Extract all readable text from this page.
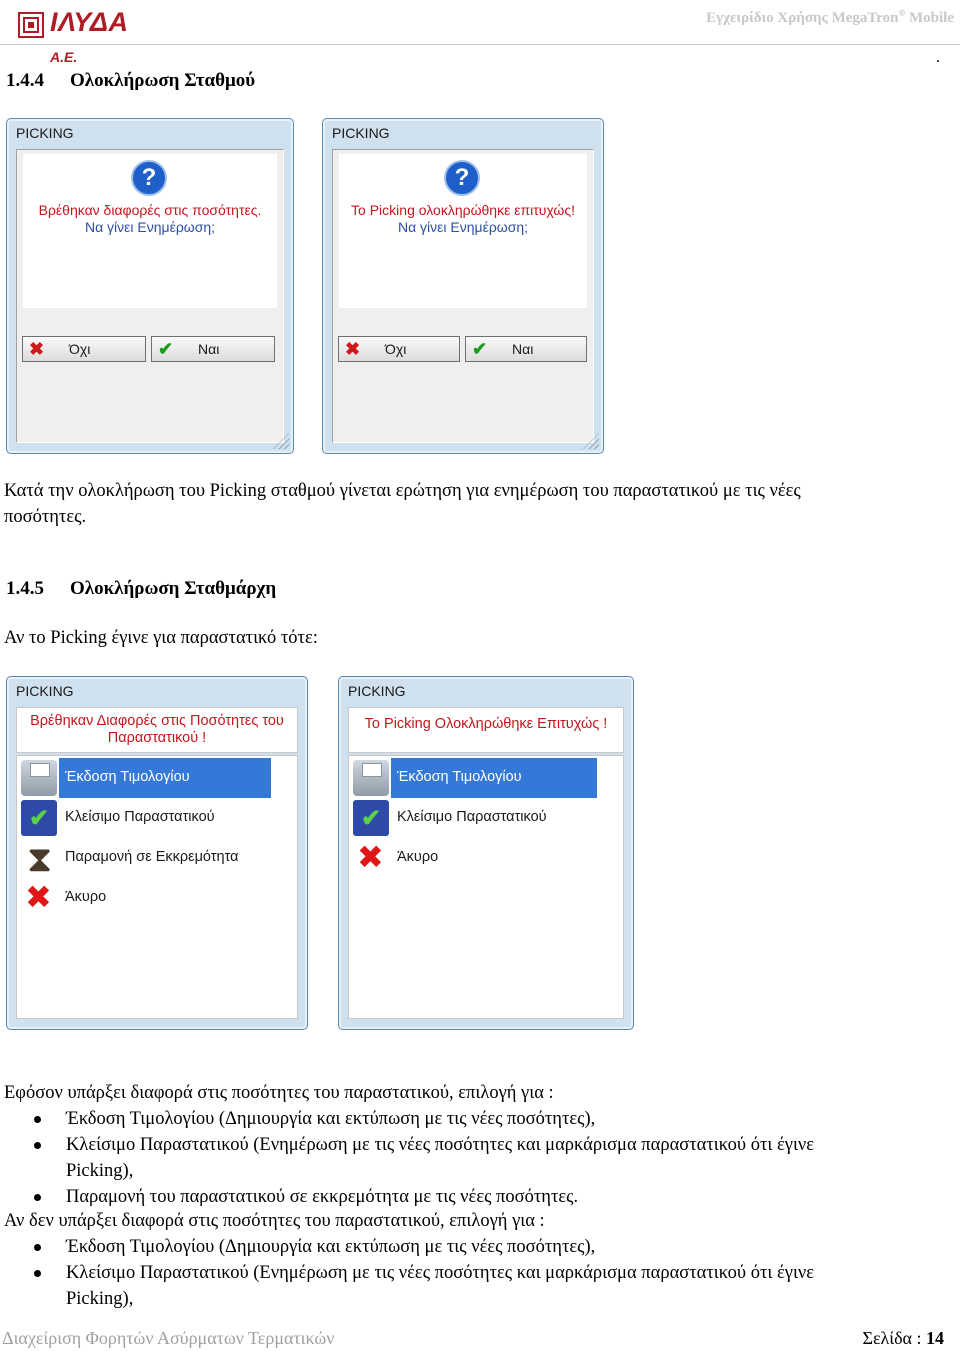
ΙΛΥΔΑ Α.Ε.
Εγχειρίδιο Χρήσης MegaTron® Mobile
.
1.4.4 Ολοκλήρωση Σταθμού
PICKING
?
Βρέθηκαν διαφορές στις ποσότητες.
Να γίνει Ενημέρωση;
✖ Όχι	✔ Ναι
PICKING
?
Το Picking ολοκληρώθηκε επιτυχώς!
Να γίνει Ενημέρωση;
✖ Όχι	✔ Ναι

Κατά την ολοκλήρωση του Picking σταθμού γίνεται ερώτηση για ενημέρωση του παραστατικού με τις νέες ποσότητες.

1.4.5 Ολοκλήρωση Σταθμάρχη

Αν το Picking έγινε για παραστατικό τότε:

PICKING
Βρέθηκαν Διαφορές στις Ποσότητες του
Παραστατικού !
Έκδοση Τιμολογίου
✔
Κλείσιμο Παραστατικού
⧗
Παραμονή σε Εκκρεμότητα
✖
Άκυρο
PICKING
Το Picking Ολοκληρώθηκε Επιτυχώς !
Έκδοση Τιμολογίου
✔
Κλείσιμο Παραστατικού
✖
Άκυρο

Εφόσον υπάρξει διαφορά στις ποσότητες του παραστατικού, επιλογή για :

Έκδοση Τιμολογίου (Δημιουργία και εκτύπωση με τις νέες ποσότητες),
Κλείσιμο Παραστατικού (Ενημέρωση με τις νέες ποσότητες και μαρκάρισμα παραστατικού ότι έγινε Picking),
Παραμονή του παραστατικού σε εκκρεμότητα με τις νέες ποσότητες.

Αν δεν υπάρξει διαφορά στις ποσότητες του παραστατικού, επιλογή για :

Έκδοση Τιμολογίου (Δημιουργία και εκτύπωση με τις νέες ποσότητες),
Κλείσιμο Παραστατικού (Ενημέρωση με τις νέες ποσότητες και μαρκάρισμα παραστατικού ότι έγινε Picking),
Διαχείριση Φορητών Ασύρματων Τερματικών	Σελίδα : 14
